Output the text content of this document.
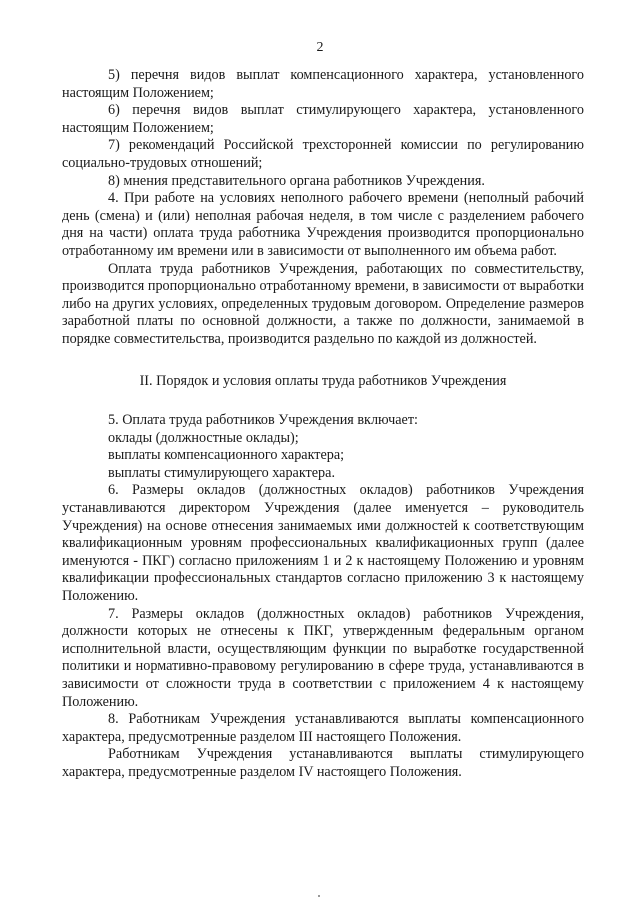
2

5) перечня видов выплат компенсационного характера, установленного настоящим Положением;

6) перечня видов выплат стимулирующего характера, установленного настоящим Положением;

7) рекомендаций Российской трехсторонней комиссии по регулированию социально-трудовых отношений;

8) мнения представительного органа работников Учреждения.

4. При работе на условиях неполного рабочего времени (неполный рабочий день (смена) и (или) неполная рабочая неделя, в том числе с разделением рабочего дня на части) оплата труда работника Учреждения производится пропорционально отработанному им времени или в зависимости от выполненного им объема работ.

Оплата труда работников Учреждения, работающих по совместительству, производится пропорционально отработанному времени, в зависимости от выработки либо на других условиях, определенных трудовым договором. Определение размеров заработной платы по основной должности, а также по должности, занимаемой в порядке совместительства, производится раздельно по каждой из должностей.

II. Порядок и условия оплаты труда работников Учреждения

5. Оплата труда работников Учреждения включает:

оклады (должностные оклады);

выплаты компенсационного характера;

выплаты стимулирующего характера.

6. Размеры окладов (должностных окладов) работников Учреждения устанавливаются директором Учреждения (далее именуется – руководитель Учреждения) на основе отнесения занимаемых ими должностей к соответствующим квалификационным уровням профессиональных квалификационных групп (далее именуются - ПКГ) согласно приложениям 1 и 2 к настоящему Положению и уровням квалификации профессиональных стандартов согласно приложению 3 к настоящему Положению.

7. Размеры окладов (должностных окладов) работников Учреждения, должности которых не отнесены к ПКГ, утвержденным федеральным органом исполнительной власти, осуществляющим функции по выработке государственной политики и нормативно-правовому регулированию в сфере труда, устанавливаются в зависимости от сложности труда в соответствии с приложением 4 к настоящему Положению.

8. Работникам Учреждения устанавливаются выплаты компенсационного характера, предусмотренные разделом III настоящего Положения.

Работникам Учреждения устанавливаются выплаты стимулирующего характера, предусмотренные разделом IV настоящего Положения.
